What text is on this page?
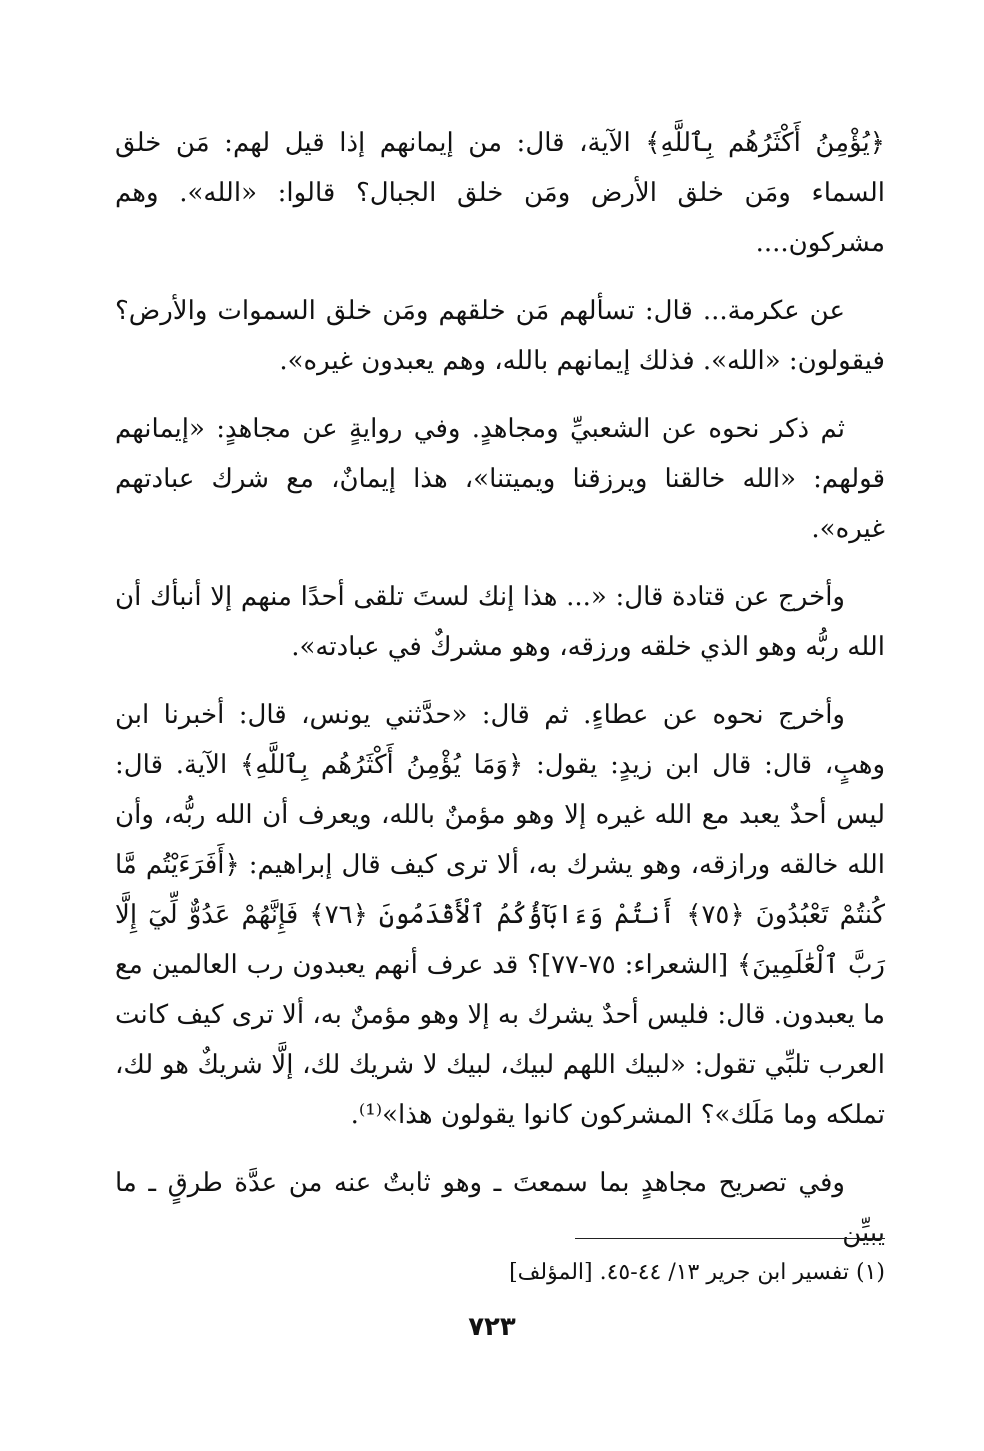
﴿يُؤْمِنُ أَكْثَرُهُم بِٱللَّهِ﴾ الآية، قال: من إيمانهم إذا قيل لهم: مَن خلق السماء ومَن خلق الأرض ومَن خلق الجبال؟ قالوا: «الله». وهم مشركون....

عن عكرمة... قال: تسألهم مَن خلقهم ومَن خلق السموات والأرض؟ فيقولون: «الله». فذلك إيمانهم بالله، وهم يعبدون غيره».

ثم ذكر نحوه عن الشعبيِّ ومجاهدٍ. وفي روايةٍ عن مجاهدٍ: «إيمانهم قولهم: «الله خالقنا ويرزقنا ويميتنا»، هذا إيمانٌ، مع شرك عبادتهم غيره».

وأخرج عن قتادة قال: «... هذا إنك لستَ تلقى أحدًا منهم إلا أنبأك أن الله ربُّه وهو الذي خلقه ورزقه، وهو مشركٌ في عبادته».

وأخرج نحوه عن عطاءٍ. ثم قال: «حدَّثني يونس، قال: أخبرنا ابن وهبٍ، قال: قال ابن زيدٍ: يقول: ﴿وَمَا يُؤْمِنُ أَكْثَرُهُم بِٱللَّهِ﴾ الآية. قال: ليس أحدٌ يعبد مع الله غيره إلا وهو مؤمنٌ بالله، ويعرف أن الله ربُّه، وأن الله خالقه ورازقه، وهو يشرك به، ألا ترى كيف قال إبراهيم: ﴿أَفَرَءَيْتُم مَّا كُنتُمْ تَعْبُدُونَ ﴿٧٥﴾ أَنتُمْ وَءَابَآؤُكُمُ ٱلْأَقْدَمُونَ ﴿٧٦﴾ فَإِنَّهُمْ عَدُوٌّ لِّيٓ إِلَّا رَبَّ ٱلْعَٰلَمِينَ﴾ [الشعراء: ٧٥-٧٧]؟ قد عرف أنهم يعبدون رب العالمين مع ما يعبدون. قال: فليس أحدٌ يشرك به إلا وهو مؤمنٌ به، ألا ترى كيف كانت العرب تلبِّي تقول: «لبيك اللهم لبيك، لبيك لا شريك لك، إلَّا شريكٌ هو لك، تملكه وما مَلَك»؟ المشركون كانوا يقولون هذا»⁽¹⁾.

وفي تصريح مجاهدٍ بما سمعتَ ـ وهو ثابتٌ عنه من عدَّة طرقٍ ـ ما يبيِّن

(١) تفسير ابن جرير ١٣/ ٤٤-٤٥. [المؤلف]
٧٢٣
